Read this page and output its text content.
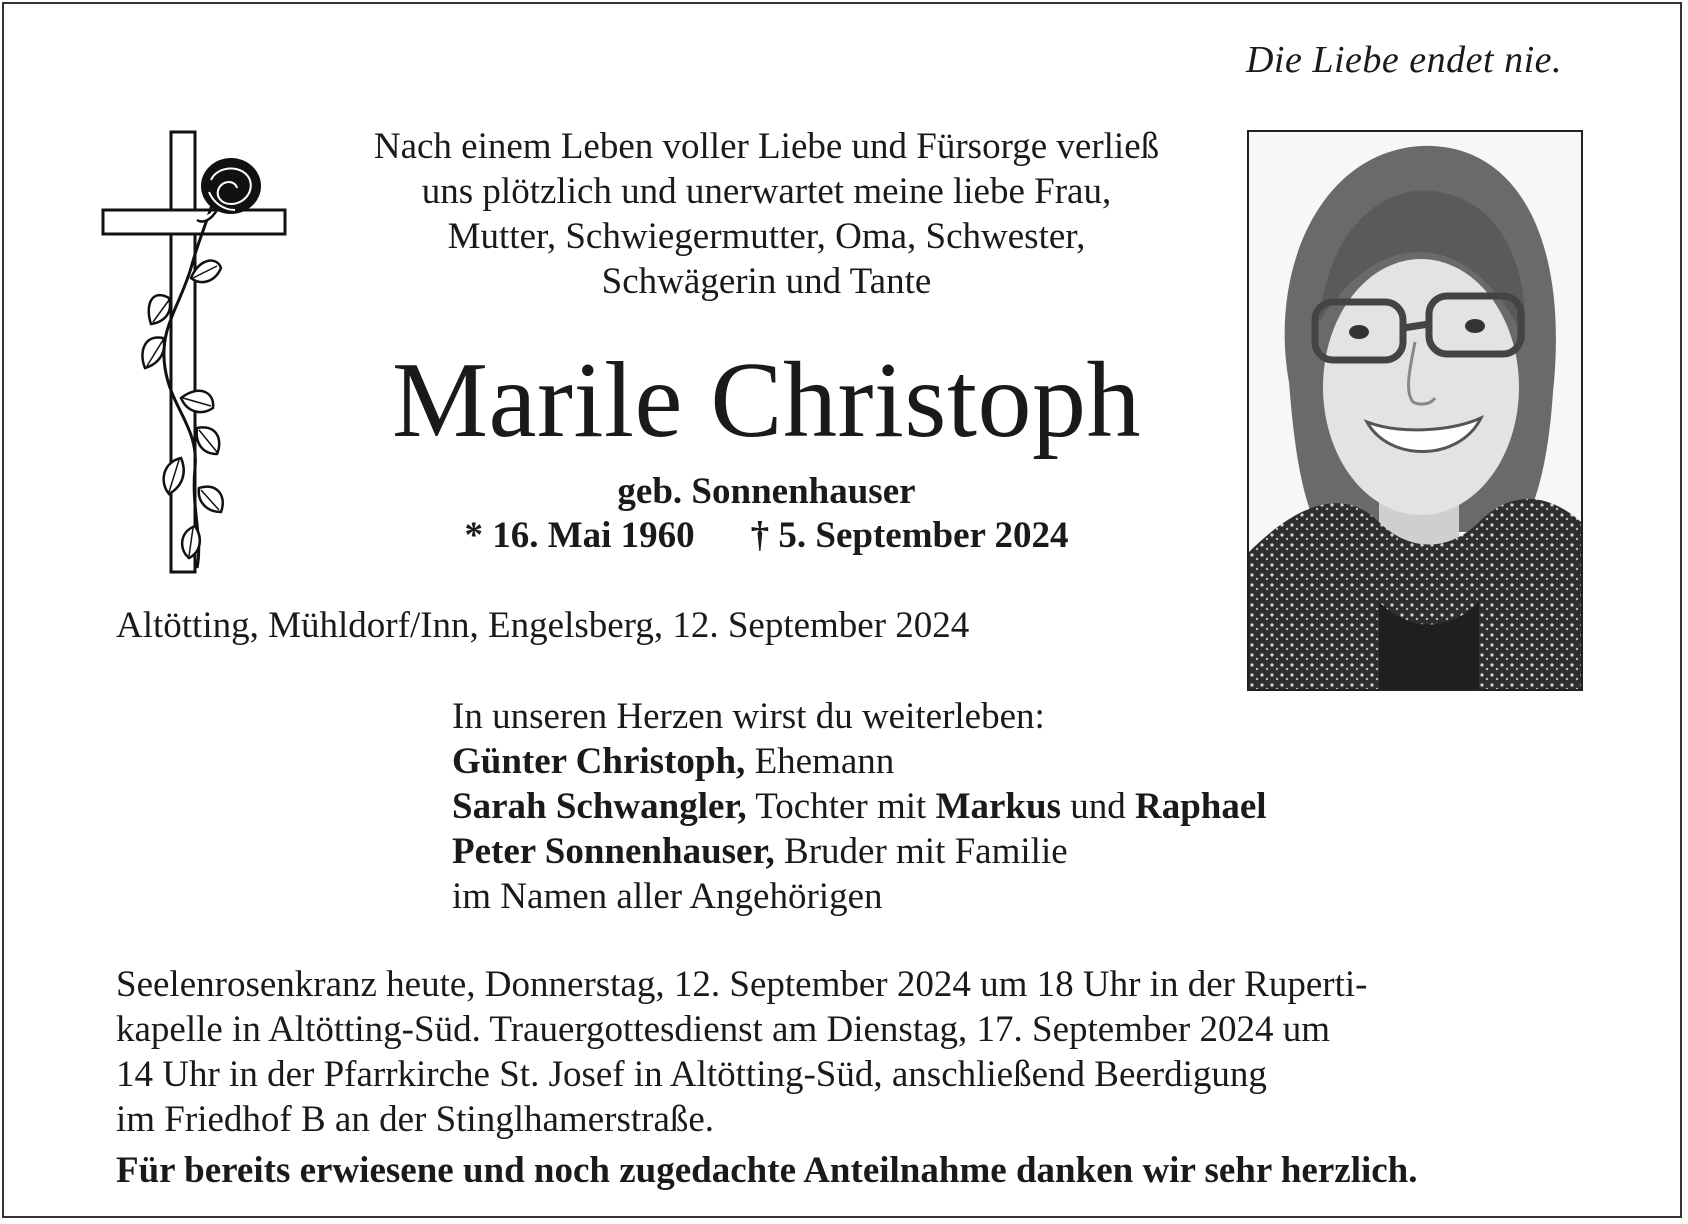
Die Liebe endet nie.
Nach einem Leben voller Liebe und Fürsorge verließ
uns plötzlich und unerwartet meine liebe Frau,
Mutter, Schwiegermutter, Oma, Schwester,
Schwägerin und Tante
Marile Christoph
geb. Sonnenhauser
* 16. Mai 1960 † 5. September 2024
Altötting, Mühldorf/Inn, Engelsberg, 12. September 2024
In unseren Herzen wirst du weiterleben:
Günter Christoph, Ehemann
Sarah Schwangler, Tochter mit Markus und Raphael
Peter Sonnenhauser, Bruder mit Familie
im Namen aller Angehörigen
Seelenrosenkranz heute, Donnerstag, 12. September 2024 um 18 Uhr in der Ruperti-
kapelle in Altötting-Süd. Trauergottesdienst am Dienstag, 17. September 2024 um
14 Uhr in der Pfarrkirche St. Josef in Altötting-Süd, anschließend Beerdigung
im Friedhof B an der Stinglhamerstraße.
Für bereits erwiesene und noch zugedachte Anteilnahme danken wir sehr herzlich.
